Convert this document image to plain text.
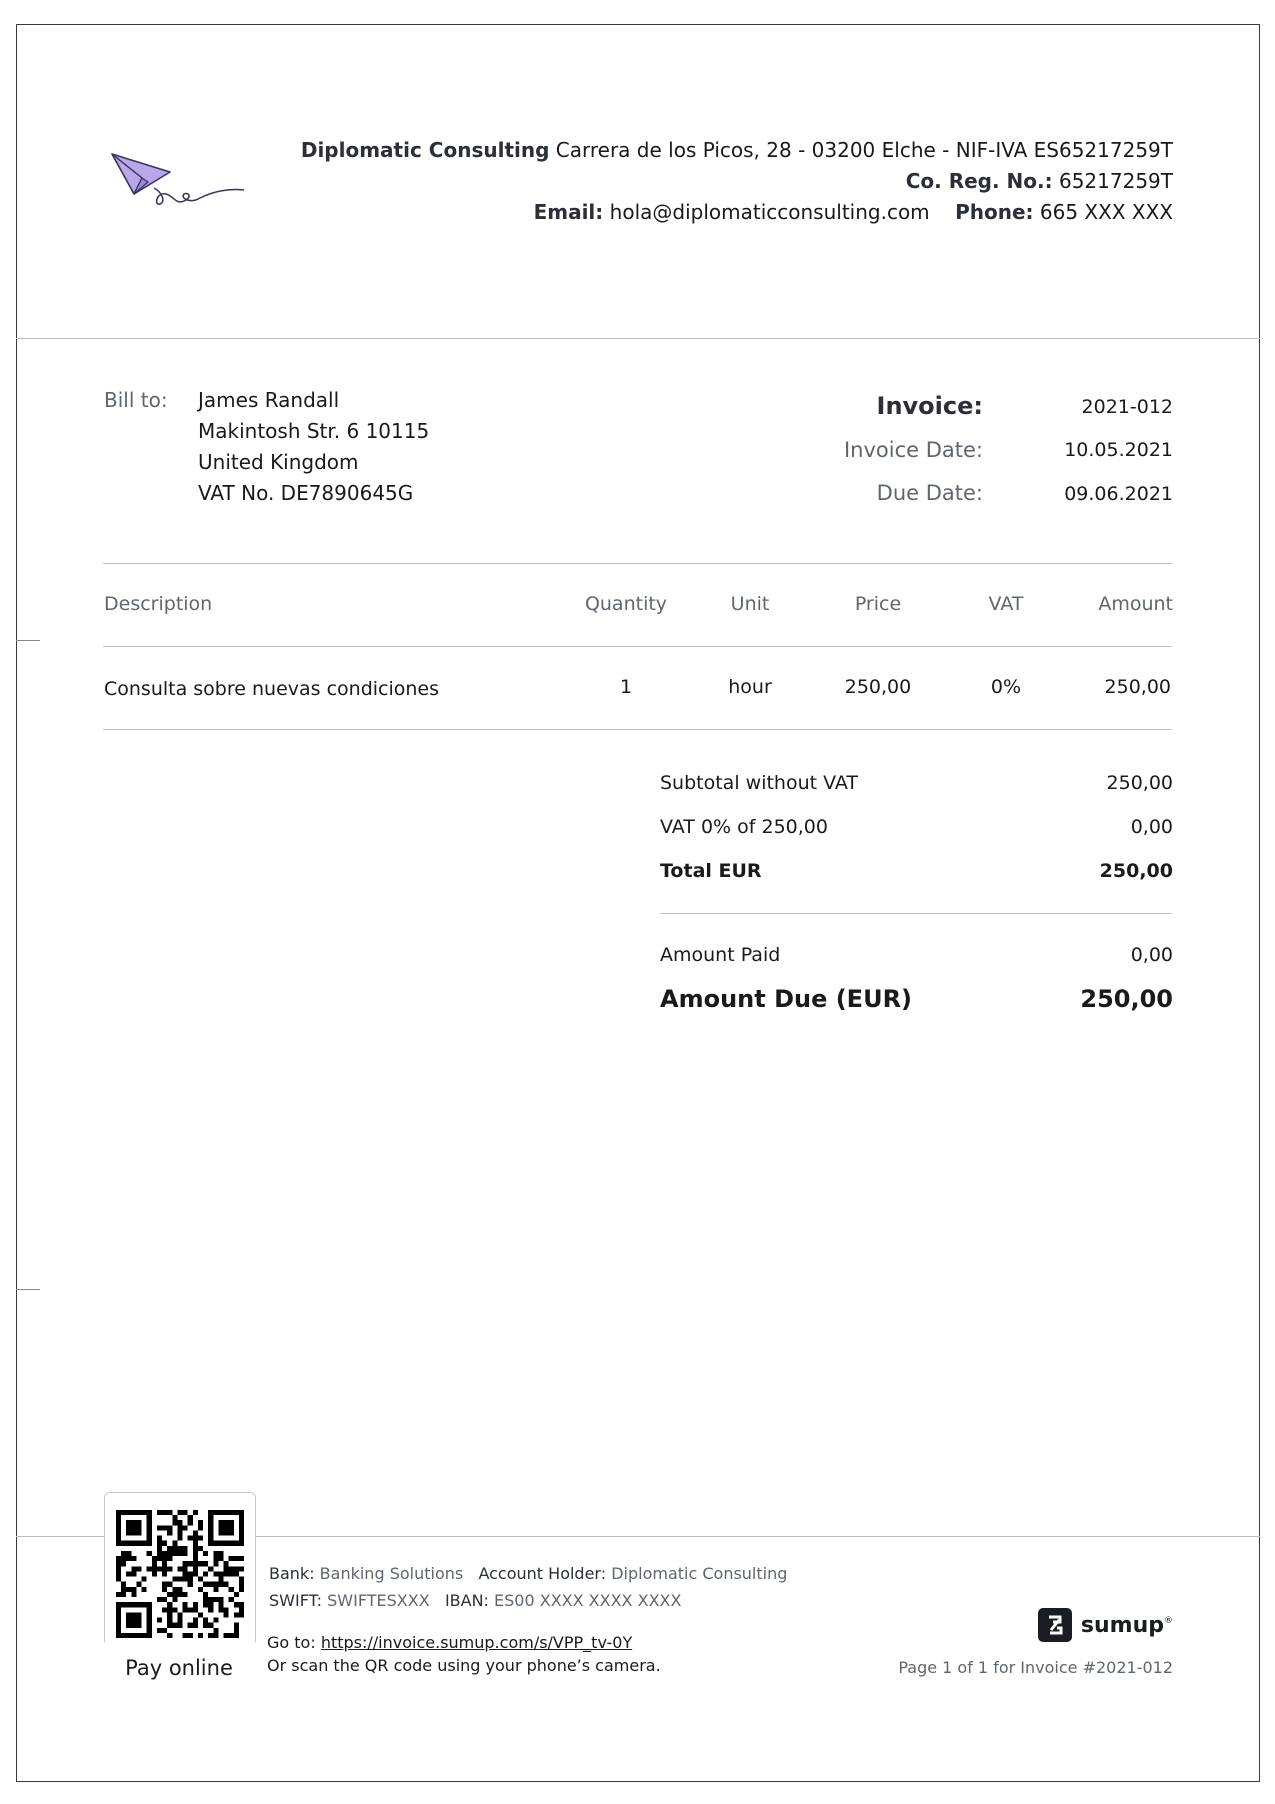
Diplomatic Consulting Carrera de los Picos, 28 - 03200 Elche - NIF-IVA ES65217259T
Co. Reg. No.: 65217259T
Email: hola@diplomaticconsulting.com Phone: 665 XXX XXX
Bill to: James Randall
Makintosh Str. 6 10115
United Kingdom
VAT No. DE7890645G
Invoice:	2021-012
Invoice Date:	10.05.2021
Due Date:	09.06.2021
Description	Quantity	Unit	Price	VAT	Amount
Consulta sobre nuevas condiciones	1	hour	250,00	0%	250,00
Subtotal without VAT	250,00
VAT 0% of 250,00	0,00
Total EUR	250,00
Amount Paid	0,00
Amount Due (EUR)	250,00
Pay online
Bank: Banking Solutions Account Holder: Diplomatic Consulting
SWIFT: SWIFTESXXX IBAN: ES00 XXXX XXXX XXXX
Go to: https://invoice.sumup.com/s/VPP_tv-0Y
Or scan the QR code using your phone’s camera.
sumup®
Page 1 of 1 for Invoice #2021-012
